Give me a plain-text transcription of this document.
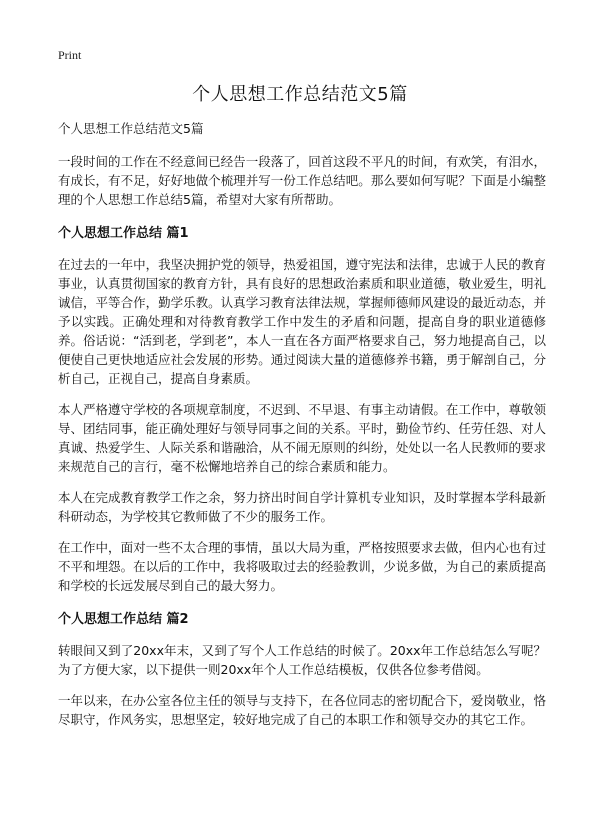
Print
个人思想工作总结范文5篇
个人思想工作总结范文5篇

一段时间的工作在不经意间已经告一段落了，回首这段不平凡的时间，有欢笑，有泪水，有成长，有不足，好好地做个梳理并写一份工作总结吧。那么要如何写呢？下面是小编整理的个人思想工作总结5篇，希望对大家有所帮助。

个人思想工作总结 篇1

在过去的一年中，我坚决拥护党的领导，热爱祖国，遵守宪法和法律，忠诚于人民的教育事业，认真贯彻国家的教育方针，具有良好的思想政治素质和职业道德，敬业爱生，明礼诚信，平等合作，勤学乐教。认真学习教育法律法规，掌握师德师风建设的最近动态，并予以实践。正确处理和对待教育教学工作中发生的矛盾和问题，提高自身的职业道德修养。俗话说：“活到老，学到老”，本人一直在各方面严格要求自己，努力地提高自己，以便使自己更快地适应社会发展的形势。通过阅读大量的道德修养书籍，勇于解剖自己，分析自己，正视自己，提高自身素质。

本人严格遵守学校的各项规章制度，不迟到、不早退、有事主动请假。在工作中，尊敬领导、团结同事，能正确处理好与领导同事之间的关系。平时，勤俭节约、任劳任怨、对人真诚、热爱学生、人际关系和谐融洽，从不闹无原则的纠纷，处处以一名人民教师的要求来规范自己的言行，毫不松懈地培养自己的综合素质和能力。

本人在完成教育教学工作之余，努力挤出时间自学计算机专业知识，及时掌握本学科最新科研动态，为学校其它教师做了不少的服务工作。

在工作中，面对一些不太合理的事情，虽以大局为重，严格按照要求去做，但内心也有过不平和埋怨。在以后的工作中，我将吸取过去的经验教训，少说多做，为自己的素质提高和学校的长远发展尽到自己的最大努力。

个人思想工作总结 篇2

转眼间又到了20xx年末，又到了写个人工作总结的时候了。20xx年工作总结怎么写呢？为了方便大家，以下提供一则20xx年个人工作总结模板，仅供各位参考借阅。

一年以来，在办公室各位主任的领导与支持下，在各位同志的密切配合下，爱岗敬业，恪尽职守，作风务实，思想坚定，较好地完成了自己的本职工作和领导交办的其它工作。
